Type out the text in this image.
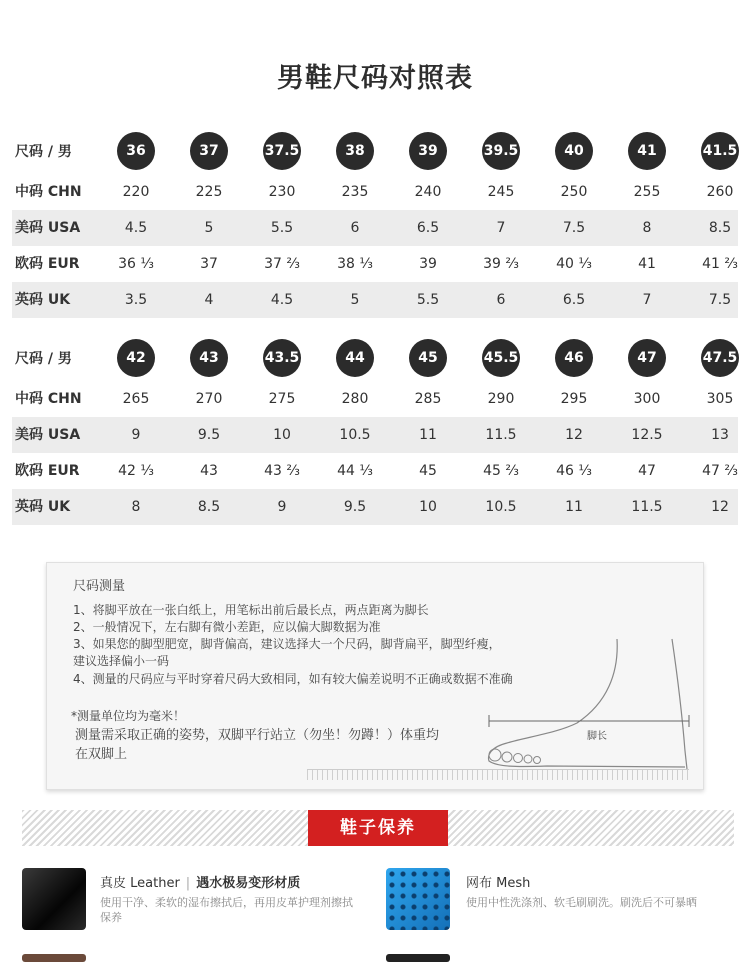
男鞋尺码对照表
尺码 / 男	36	37	37.5	38	39	39.5	40	41	41.5
中码 CHN	220	225	230	235	240	245	250	255	260
美码 USA	4.5	5	5.5	6	6.5	7	7.5	8	8.5
欧码 EUR	36 ⅓	37	37 ⅔	38 ⅓	39	39 ⅔	40 ⅓	41	41 ⅔
英码 UK	3.5	4	4.5	5	5.5	6	6.5	7	7.5
尺码 / 男	42	43	43.5	44	45	45.5	46	47	47.5
中码 CHN	265	270	275	280	285	290	295	300	305
美码 USA	9	9.5	10	10.5	11	11.5	12	12.5	13
欧码 EUR	42 ⅓	43	43 ⅔	44 ⅓	45	45 ⅔	46 ⅓	47	47 ⅔
英码 UK	8	8.5	9	9.5	10	10.5	11	11.5	12
尺码测量
1、将脚平放在一张白纸上，用笔标出前后最长点，两点距离为脚长
2、一般情况下，左右脚有微小差距，应以偏大脚数据为准
3、如果您的脚型肥宽，脚背偏高，建议选择大一个尺码，脚背扁平，脚型纤瘦，
建议选择偏小一码
4、测量的尺码应与平时穿着尺码大致相同，如有较大偏差说明不正确或数据不准确
*测量单位均为毫米！
测量需采取正确的姿势，双脚平行站立（勿坐！勿蹲！）体重均
在双脚上
脚长
鞋子保养
真皮 Leather | 遇水极易变形材质
使用干净、柔软的湿布擦拭后，再用皮革护理剂擦拭保养
网布 Mesh
使用中性洗涤剂、软毛刷刷洗。刷洗后不可暴晒
